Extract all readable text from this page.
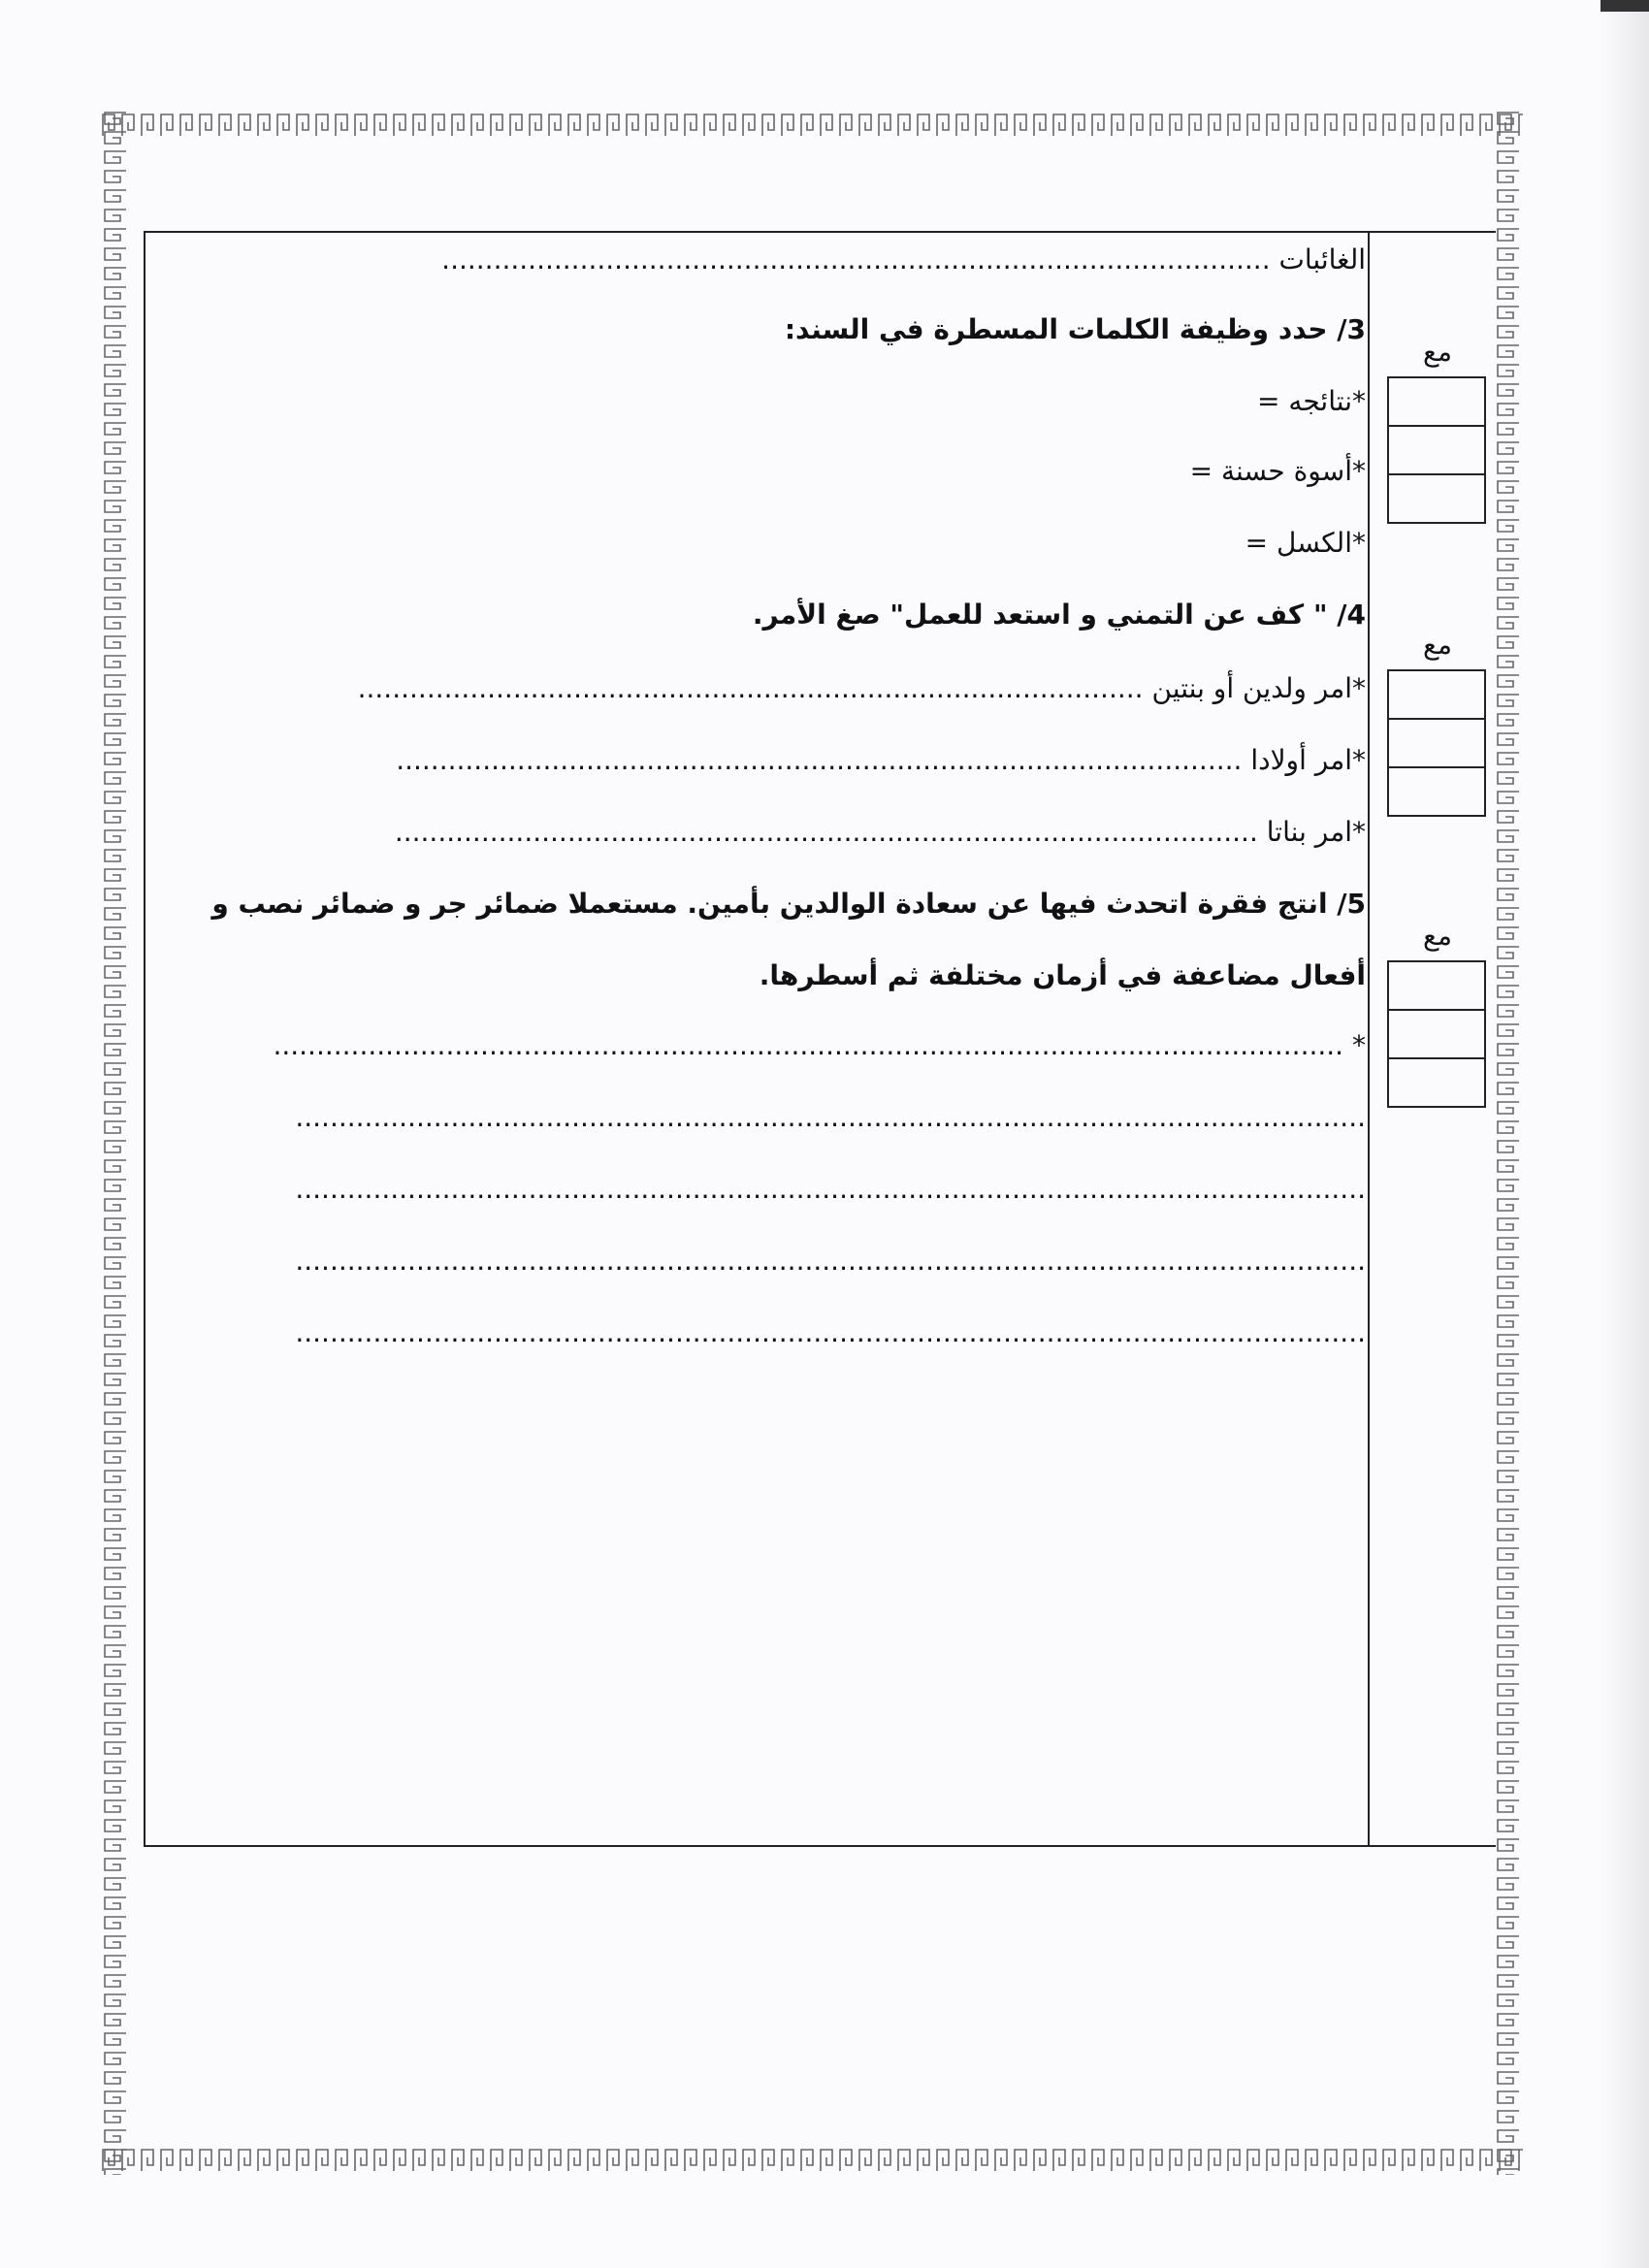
الغائبات ................................................................................................
3/ حدد وظيفة الكلمات المسطرة في السند:
*نتائجه =
*أسوة حسنة =
*الكسل =
4/ " كف عن التمني و استعد للعمل" صغ الأمر.
*امر ولدين أو بنتين ...........................................................................................
*امر أولادا ..................................................................................................
*امر بناتا ....................................................................................................
5/ انتج فقرة اتحدث فيها عن سعادة الوالدين بأمين. مستعملا ضمائر جر و ضمائر نصب و
أفعال مضاعفة في أزمان مختلفة ثم أسطرها.
* ............................................................................................................................
............................................................................................................................
............................................................................................................................
............................................................................................................................
............................................................................................................................
مع
مع
مع
